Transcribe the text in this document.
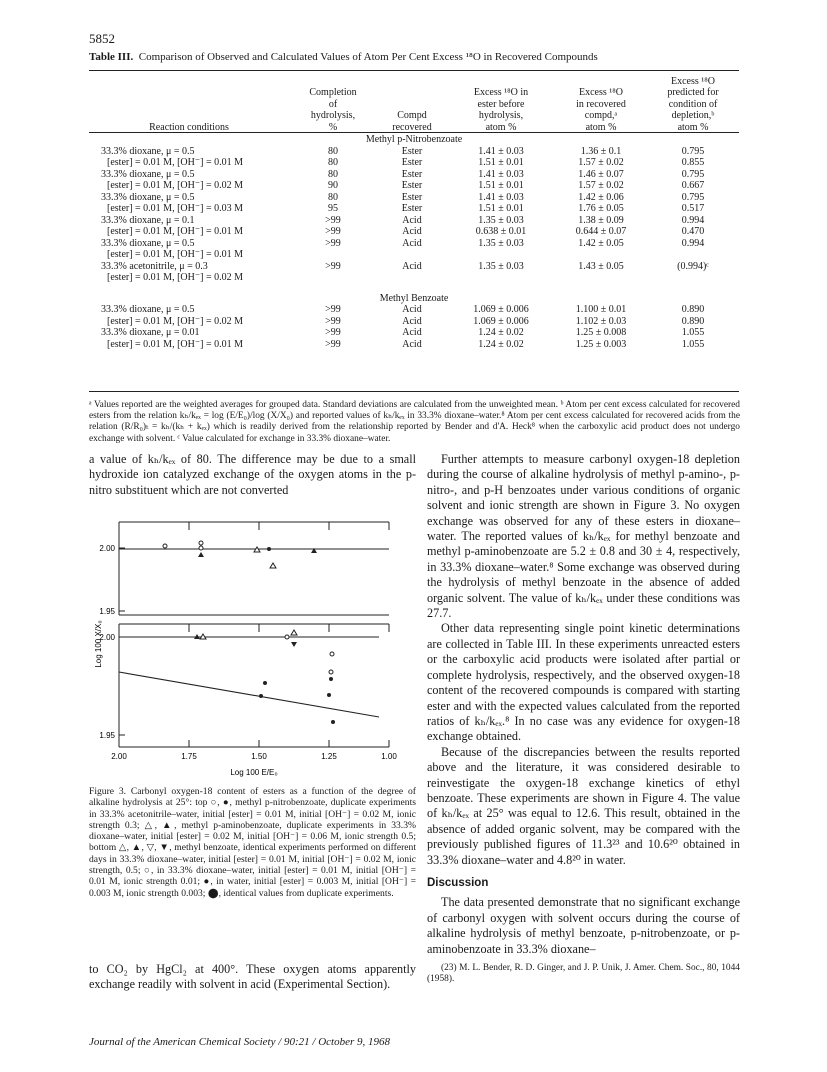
5852
Table III. Comparison of Observed and Calculated Values of Atom Per Cent Excess ¹⁸O in Recovered Compounds
Reaction conditions	Completion
of
hydrolysis,
%	Compd
recovered	Excess ¹⁸O in
ester before
hydrolysis,
atom %	Excess ¹⁸O
in recovered
compd,ᵃ
atom %	Excess ¹⁸O
predicted for
condition of
depletion,ᵇ
atom %
Methyl p-Nitrobenzoate					
33.3% dioxane, μ = 0.5	80	Ester	1.41 ± 0.03	1.36 ± 0.1	0.795
[ester] = 0.01 M, [OH⁻] = 0.01 M	80	Ester	1.51 ± 0.01	1.57 ± 0.02	0.855
33.3% dioxane, μ = 0.5	80	Ester	1.41 ± 0.03	1.46 ± 0.07	0.795
[ester] = 0.01 M, [OH⁻] = 0.02 M	90	Ester	1.51 ± 0.01	1.57 ± 0.02	0.667
33.3% dioxane, μ = 0.5	80	Ester	1.41 ± 0.03	1.42 ± 0.06	0.795
[ester] = 0.01 M, [OH⁻] = 0.03 M	95	Ester	1.51 ± 0.01	1.76 ± 0.05	0.517
33.3% dioxane, μ = 0.1	>99	Acid	1.35 ± 0.03	1.38 ± 0.09	0.994
[ester] = 0.01 M, [OH⁻] = 0.01 M	>99	Acid	0.638 ± 0.01	0.644 ± 0.07	0.470
33.3% dioxane, μ = 0.5	>99	Acid	1.35 ± 0.03	1.42 ± 0.05	0.994
[ester] = 0.01 M, [OH⁻] = 0.01 M					
33.3% acetonitrile, μ = 0.3	>99	Acid	1.35 ± 0.03	1.43 ± 0.05	(0.994)ᶜ
[ester] = 0.01 M, [OH⁻] = 0.02 M					

Methyl Benzoate					
33.3% dioxane, μ = 0.5	>99	Acid	1.069 ± 0.006	1.100 ± 0.01	0.890
[ester] = 0.01 M, [OH⁻] = 0.02 M	>99	Acid	1.069 ± 0.006	1.102 ± 0.03	0.890
33.3% dioxane, μ = 0.01	>99	Acid	1.24 ± 0.02	1.25 ± 0.008	1.055
[ester] = 0.01 M, [OH⁻] = 0.01 M	>99	Acid	1.24 ± 0.02	1.25 ± 0.003	1.055
ᵃ Values reported are the weighted averages for grouped data. Standard deviations are calculated from the unweighted mean. ᵇ Atom per cent excess calculated for recovered esters from the relation kₕ/kₑₓ = log (E/E₀)/log (X/X₀) and reported values of kₕ/kₑₓ in 33.3% dioxane–water.⁸ Atom per cent excess calculated for recovered acids from the relation (R/R₀)ₜ = kₕ/(kₕ + kₑₓ) which is readily derived from the relationship reported by Bender and d'A. Heck⁸ when the carboxylic acid product does not undergo exchange with solvent. ᶜ Value calculated for exchange in 33.3% dioxane–water.

a value of kₕ/kₑₓ of 80. The difference may be due to a small hydroxide ion catalyzed exchange of the oxygen atoms in the p-nitro substituent which are not converted

2.00
1.95
2.00
1.95
2.00	1.75	1.50	1.25	1.00
Log 100 E/E₀
Log 100 X/X₀
Figure 3. Carbonyl oxygen-18 content of esters as a function of the degree of alkaline hydrolysis at 25°: top ○, ●, methyl p-nitrobenzoate, duplicate experiments in 33.3% acetonitrile–water, initial [ester] = 0.01 M, initial [OH⁻] = 0.02 M, ionic strength 0.3; △, ▲, methyl p-aminobenzoate, duplicate experiments in 33.3% dioxane–water, initial [ester] = 0.02 M, initial [OH⁻] = 0.06 M, ionic strength 0.5; bottom △, ▲, ▽, ▼, methyl benzoate, identical experiments performed on different days in 33.3% dioxane–water, initial [ester] = 0.01 M, initial [OH⁻] = 0.02 M, ionic strength, 0.5; ○, in 33.3% dioxane–water, initial [ester] = 0.01 M, initial [OH⁻] = 0.01 M, ionic strength 0.01; ●, in water, initial [ester] = 0.003 M, initial [OH⁻] = 0.003 M, ionic strength 0.003; ⬤, identical values from duplicate experiments.

to CO₂ by HgCl₂ at 400°. These oxygen atoms apparently exchange readily with solvent in acid (Experimental Section).

Further attempts to measure carbonyl oxygen-18 depletion during the course of alkaline hydrolysis of methyl p-amino-, p-nitro-, and p-H benzoates under various conditions of organic solvent and ionic strength are shown in Figure 3. No oxygen exchange was observed for any of these esters in dioxane–water. The reported values of kₕ/kₑₓ for methyl benzoate and methyl p-aminobenzoate are 5.2 ± 0.8 and 30 ± 4, respectively, in 33.3% dioxane–water.⁸ Some exchange was observed during the hydrolysis of methyl benzoate in the absence of added organic solvent. The value of kₕ/kₑₓ under these conditions was 27.7.

Other data representing single point kinetic determinations are collected in Table III. In these experiments unreacted esters or the carboxylic acid products were isolated after partial or complete hydrolysis, respectively, and the observed oxygen-18 content of the recovered compounds is compared with starting ester and with the expected values calculated from the reported ratios of kₕ/kₑₓ.⁸ In no case was any evidence for oxygen-18 exchange obtained.

Because of the discrepancies between the results reported above and the literature, it was considered desirable to reinvestigate the oxygen-18 exchange kinetics of ethyl benzoate. These experiments are shown in Figure 4. The value of kₕ/kₑₓ at 25° was equal to 12.6. This result, obtained in the absence of added organic solvent, may be compared with the previously published figures of 11.3²³ and 10.6²⁰ obtained in 33.3% dioxane–water and 4.8²⁰ in water.

Discussion

The data presented demonstrate that no significant exchange of carbonyl oxygen with solvent occurs during the course of alkaline hydrolysis of methyl benzoate, p-nitrobenzoate, or p-aminobenzoate in 33.3% dioxane–

(23) M. L. Bender, R. D. Ginger, and J. P. Unik, J. Amer. Chem. Soc., 80, 1044 (1958).
Journal of the American Chemical Society / 90:21 / October 9, 1968
